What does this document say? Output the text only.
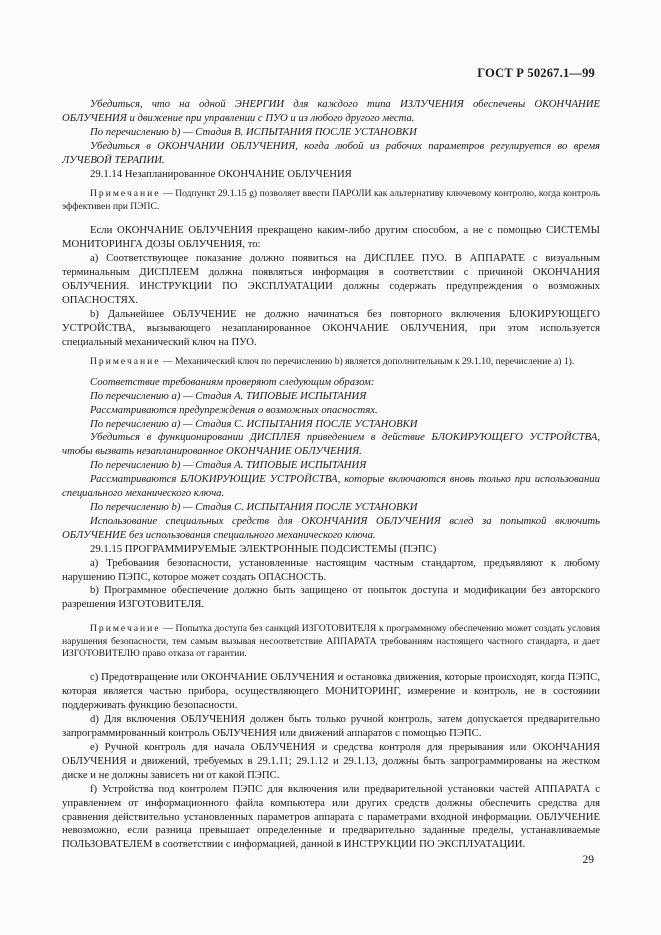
ГОСТ Р 50267.1—99

Убедиться, что на одной ЭНЕРГИИ для каждого типа ИЗЛУЧЕНИЯ обеспечены ОКОНЧАНИЕ ОБЛУЧЕНИЯ и движение при управлении с ПУО и из любого другого места.

По перечислению b) — Стадия В. ИСПЫТАНИЯ ПОСЛЕ УСТАНОВКИ

Убедиться в ОКОНЧАНИИ ОБЛУЧЕНИЯ, когда любой из рабочих параметров регулируется во время ЛУЧЕВОЙ ТЕРАПИИ.

29.1.14 Незапланированное ОКОНЧАНИЕ ОБЛУЧЕНИЯ

Примечание — Подпункт 29.1.15 g) позволяет ввести ПАРОЛИ как альтернативу ключевому контролю, когда контроль эффективен при ПЭПС.

Если ОКОНЧАНИЕ ОБЛУЧЕНИЯ прекращено каким-либо другим способом, а не с помощью СИСТЕМЫ МОНИТОРИНГА ДОЗЫ ОБЛУЧЕНИЯ, то:

а) Соответствующее показание должно появиться на ДИСПЛЕЕ ПУО. В АППАРАТЕ с визуальным терминальным ДИСПЛЕЕМ должна появляться информация в соответствии с причиной ОКОНЧАНИЯ ОБЛУЧЕНИЯ. ИНСТРУКЦИИ ПО ЭКСПЛУАТАЦИИ должны содержать предупреждения о возможных ОПАСНОСТЯХ.

b) Дальнейшее ОБЛУЧЕНИЕ не должно начинаться без повторного включения БЛОКИРУЮЩЕГО УСТРОЙСТВА, вызывающего незапланированное ОКОНЧАНИЕ ОБЛУЧЕНИЯ, при этом используется специальный механический ключ на ПУО.

Примечание — Механический ключ по перечислению b) является дополнительным к 29.1.10, перечисление а) 1).

Соответствие требованиям проверяют следующим образом:

По перечислению а) — Стадия А. ТИПОВЫЕ ИСПЫТАНИЯ

Рассматриваются предупреждения о возможных опасностях.

По перечислению а) — Стадия С. ИСПЫТАНИЯ ПОСЛЕ УСТАНОВКИ

Убедиться в функционировании ДИСПЛЕЯ приведением в действие БЛОКИРУЮЩЕГО УСТРОЙСТВА, чтобы вызвать незапланированное ОКОНЧАНИЕ ОБЛУЧЕНИЯ.

По перечислению b) — Стадия А. ТИПОВЫЕ ИСПЫТАНИЯ

Рассматриваются БЛОКИРУЮЩИЕ УСТРОЙСТВА, которые включаются вновь только при использовании специального механического ключа.

По перечислению b) — Стадия С. ИСПЫТАНИЯ ПОСЛЕ УСТАНОВКИ

Использование специальных средств для ОКОНЧАНИЯ ОБЛУЧЕНИЯ вслед за попыткой включить ОБЛУЧЕНИЕ без использования специального механического ключа.

29.1.15 ПРОГРАММИРУЕМЫЕ ЭЛЕКТРОННЫЕ ПОДСИСТЕМЫ (ПЭПС)

а) Требования безопасности, установленные настоящим частным стандартом, предъявляют к любому нарушению ПЭПС, которое может создать ОПАСНОСТЬ.

b) Программное обеспечение должно быть защищено от попыток доступа и модификации без авторского разрешения ИЗГОТОВИТЕЛЯ.

Примечание — Попытка доступа без санкций ИЗГОТОВИТЕЛЯ к программному обеспечению может создать условия нарушения безопасности, тем самым вызывая несоответствие АППАРАТА требованиям настоящего частного стандарта, и дает ИЗГОТОВИТЕЛЮ право отказа от гарантии.

с) Предотвращение или ОКОНЧАНИЕ ОБЛУЧЕНИЯ и остановка движения, которые происходят, когда ПЭПС, которая является частью прибора, осуществляющего МОНИТОРИНГ, измерение и контроль, не в состоянии поддерживать функцию безопасности.

d) Для включения ОБЛУЧЕНИЯ должен быть только ручной контроль, затем допускается предварительно запрограммированный контроль ОБЛУЧЕНИЯ или движений аппаратов с помощью ПЭПС.

е) Ручной контроль для начала ОБЛУЧЕНИЯ и средства контроля для прерывания или ОКОНЧАНИЯ ОБЛУЧЕНИЯ и движений, требуемых в 29.1.11; 29.1.12 и 29.1.13, должны быть запрограммированы на жестком диске и не должны зависеть ни от какой ПЭПС.

f) Устройства под контролем ПЭПС для включения или предварительной установки частей АППАРАТА с управлением от информационного файла компьютера или других средств должны обеспечить средства для сравнения действительно установленных параметров аппарата с параметрами входной информации. ОБЛУЧЕНИЕ невозможно, если разница превышает определенные и предварительно заданные пределы, устанавливаемые ПОЛЬЗОВАТЕЛЕМ в соответствии с информацией, данной в ИНСТРУКЦИИ ПО ЭКСПЛУАТАЦИИ.

29
